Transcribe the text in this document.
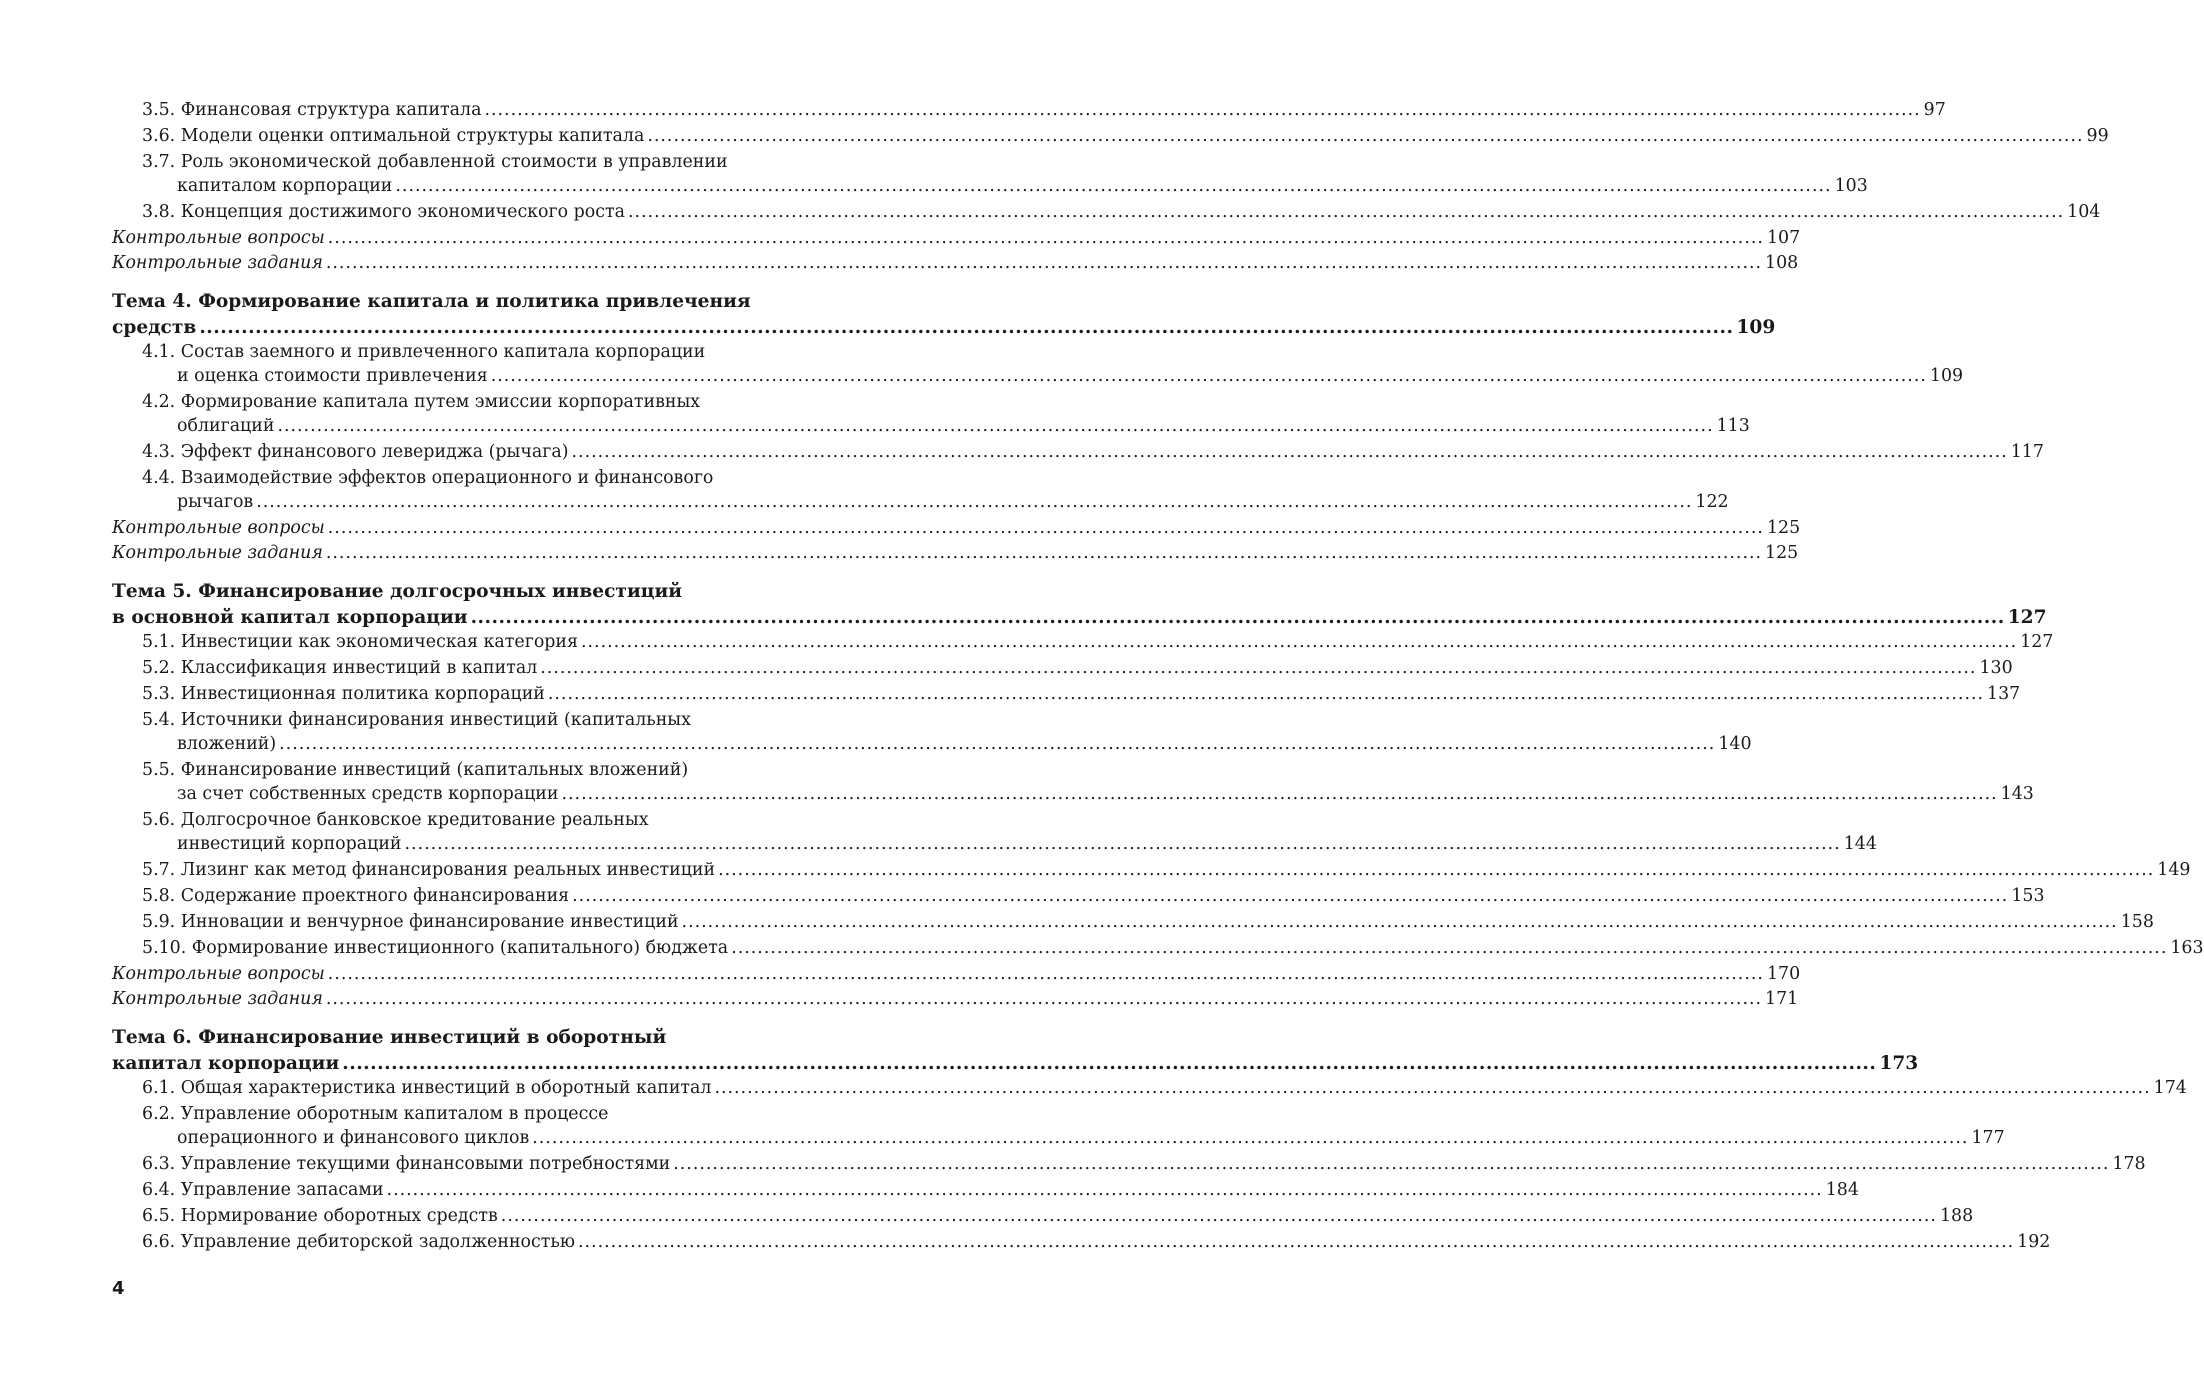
3.5. Финансовая структура капитала ............................................................................................................................................................................................................................ 97
3.6. Модели оценки оптимальной структуры капитала ............................................................................................................................................................................................................................ 99
3.7. Роль экономической добавленной стоимости в управлении
капиталом корпорации ............................................................................................................................................................................................................................ 103
3.8. Концепция достижимого экономического роста ............................................................................................................................................................................................................................ 104
Контрольные вопросы ............................................................................................................................................................................................................................ 107
Контрольные задания ............................................................................................................................................................................................................................ 108
Тема 4. Формирование капитала и политика привлечения
средств ............................................................................................................................................................................................................................ 109
4.1. Состав заемного и привлеченного капитала корпорации
и оценка стоимости привлечения ............................................................................................................................................................................................................................ 109
4.2. Формирование капитала путем эмиссии корпоративных
облигаций ............................................................................................................................................................................................................................ 113
4.3. Эффект финансового левериджа (рычага) ............................................................................................................................................................................................................................ 117
4.4. Взаимодействие эффектов операционного и финансового
рычагов ............................................................................................................................................................................................................................ 122
Контрольные вопросы ............................................................................................................................................................................................................................ 125
Контрольные задания ............................................................................................................................................................................................................................ 125
Тема 5. Финансирование долгосрочных инвестиций
в основной капитал корпорации ............................................................................................................................................................................................................................ 127
5.1. Инвестиции как экономическая категория ............................................................................................................................................................................................................................ 127
5.2. Классификация инвестиций в капитал ............................................................................................................................................................................................................................ 130
5.3. Инвестиционная политика корпораций ............................................................................................................................................................................................................................ 137
5.4. Источники финансирования инвестиций (капитальных
вложений) ............................................................................................................................................................................................................................ 140
5.5. Финансирование инвестиций (капитальных вложений)
за счет собственных средств корпорации ............................................................................................................................................................................................................................ 143
5.6. Долгосрочное банковское кредитование реальных
инвестиций корпораций ............................................................................................................................................................................................................................ 144
5.7. Лизинг как метод финансирования реальных инвестиций ............................................................................................................................................................................................................................ 149
5.8. Содержание проектного финансирования ............................................................................................................................................................................................................................ 153
5.9. Инновации и венчурное финансирование инвестиций ............................................................................................................................................................................................................................ 158
5.10. Формирование инвестиционного (капитального) бюджета ............................................................................................................................................................................................................................ 163
Контрольные вопросы ............................................................................................................................................................................................................................ 170
Контрольные задания ............................................................................................................................................................................................................................ 171
Тема 6. Финансирование инвестиций в оборотный
капитал корпорации ............................................................................................................................................................................................................................ 173
6.1. Общая характеристика инвестиций в оборотный капитал ............................................................................................................................................................................................................................ 174
6.2. Управление оборотным капиталом в процессе
операционного и финансового циклов ............................................................................................................................................................................................................................ 177
6.3. Управление текущими финансовыми потребностями ............................................................................................................................................................................................................................ 178
6.4. Управление запасами ............................................................................................................................................................................................................................ 184
6.5. Нормирование оборотных средств ............................................................................................................................................................................................................................ 188
6.6. Управление дебиторской задолженностью ............................................................................................................................................................................................................................ 192
4
